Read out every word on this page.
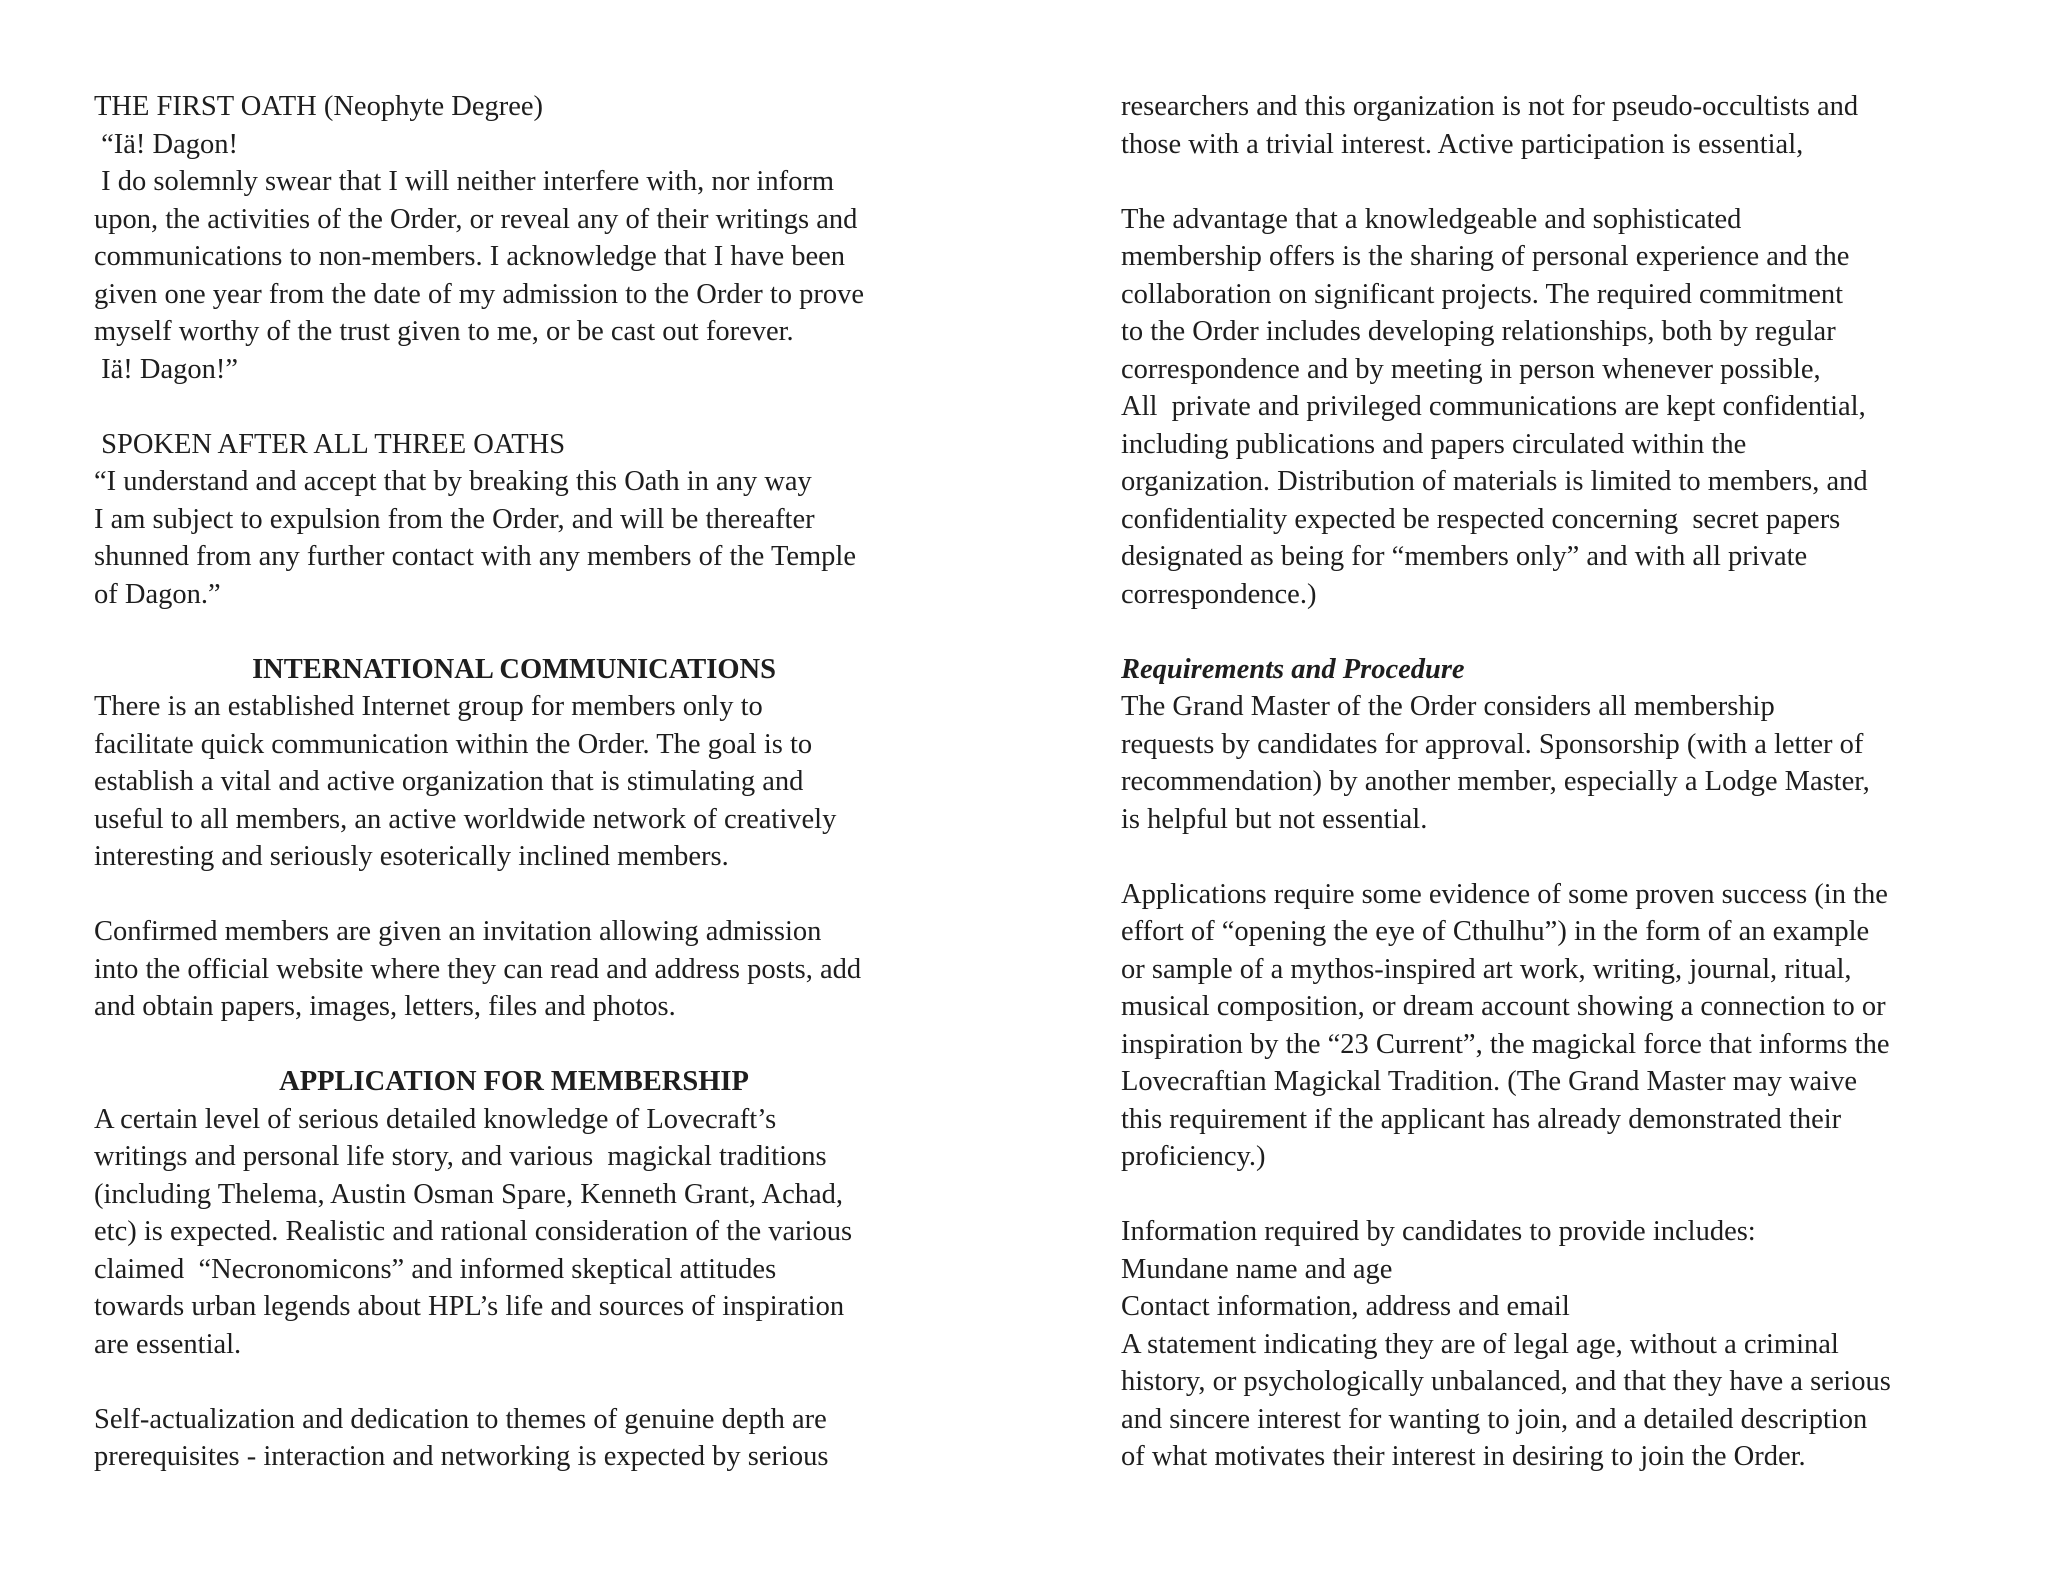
THE FIRST OATH (Neophyte Degree)
“Iä! Dagon!
I do solemnly swear that I will neither interfere with, nor inform
upon, the activities of the Order, or reveal any of their writings and
communications to non-members. I acknowledge that I have been
given one year from the date of my admission to the Order to prove
myself worthy of the trust given to me, or be cast out forever.
Iä! Dagon!”
SPOKEN AFTER ALL THREE OATHS
“I understand and accept that by breaking this Oath in any way
I am subject to expulsion from the Order, and will be thereafter
shunned from any further contact with any members of the Temple
of Dagon.”
INTERNATIONAL COMMUNICATIONS
There is an established Internet group for members only to
facilitate quick communication within the Order. The goal is to
establish a vital and active organization that is stimulating and
useful to all members, an active worldwide network of creatively
interesting and seriously esoterically inclined members.
Confirmed members are given an invitation allowing admission
into the official website where they can read and address posts, add
and obtain papers, images, letters, files and photos.
APPLICATION FOR MEMBERSHIP
A certain level of serious detailed knowledge of Lovecraft’s
writings and personal life story, and various  magickal traditions
(including Thelema, Austin Osman Spare, Kenneth Grant, Achad,
etc) is expected. Realistic and rational consideration of the various
claimed  “Necronomicons” and informed skeptical attitudes
towards urban legends about HPL’s life and sources of inspiration
are essential.
Self-actualization and dedication to themes of genuine depth are
prerequisites - interaction and networking is expected by serious
researchers and this organization is not for pseudo-occultists and
those with a trivial interest. Active participation is essential,
The advantage that a knowledgeable and sophisticated
membership offers is the sharing of personal experience and the
collaboration on significant projects. The required commitment
to the Order includes developing relationships, both by regular
correspondence and by meeting in person whenever possible,
All  private and privileged communications are kept confidential,
including publications and papers circulated within the
organization. Distribution of materials is limited to members, and
confidentiality expected be respected concerning  secret papers
designated as being for “members only” and with all private
correspondence.)
Requirements and Procedure
The Grand Master of the Order considers all membership
requests by candidates for approval. Sponsorship (with a letter of
recommendation) by another member, especially a Lodge Master,
is helpful but not essential.
Applications require some evidence of some proven success (in the
effort of “opening the eye of Cthulhu”) in the form of an example
or sample of a mythos-inspired art work, writing, journal, ritual,
musical composition, or dream account showing a connection to or
inspiration by the “23 Current”, the magickal force that informs the
Lovecraftian Magickal Tradition. (The Grand Master may waive
this requirement if the applicant has already demonstrated their
proficiency.)
Information required by candidates to provide includes:
Mundane name and age
Contact information, address and email
A statement indicating they are of legal age, without a criminal
history, or psychologically unbalanced, and that they have a serious
and sincere interest for wanting to join, and a detailed description
of what motivates their interest in desiring to join the Order.
